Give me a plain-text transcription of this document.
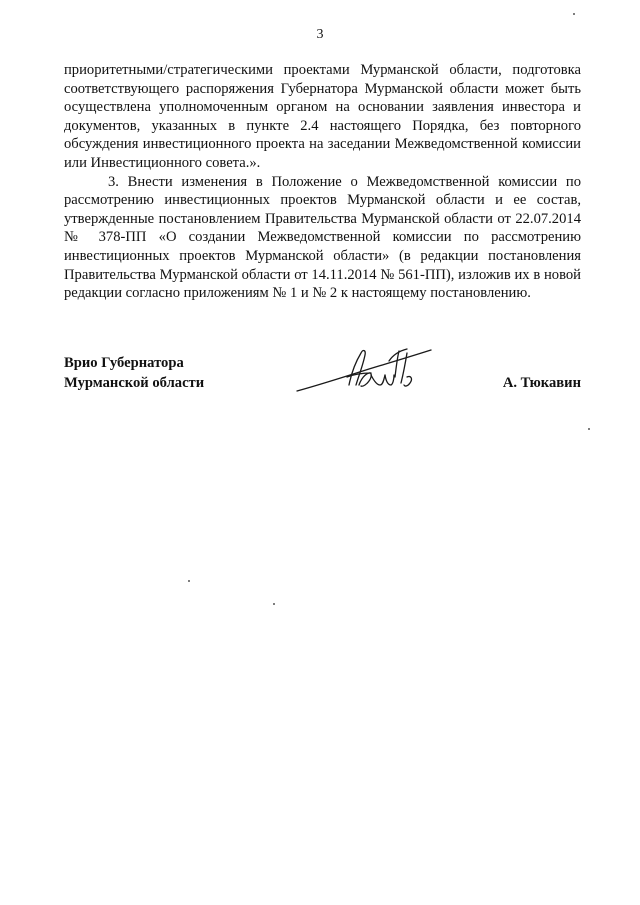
3

приоритетными/стратегическими проектами Мурманской области, подготовка соответствующего распоряжения Губернатора Мурманской области может быть осуществлена уполномоченным органом на основании заявления инвестора и документов, указанных в пункте 2.4 настоящего Порядка, без повторного обсуждения инвестиционного проекта на заседании Межведомственной комиссии или Инвестиционного совета.».

3. Внести изменения в Положение о Межведомственной комиссии по рассмотрению инвестиционных проектов Мурманской области и ее состав, утвержденные постановлением Правительства Мурманской области от 22.07.2014 № 378-ПП «О создании Межведомственной комиссии по рассмотрению инвестиционных проектов Мурманской области» (в редакции постановления Правительства Мурманской области от 14.11.2014 № 561-ПП), изложив их в новой редакции согласно приложениям № 1 и № 2 к настоящему постановлению.

Врио Губернатора
Мурманской области	А. Тюкавин
